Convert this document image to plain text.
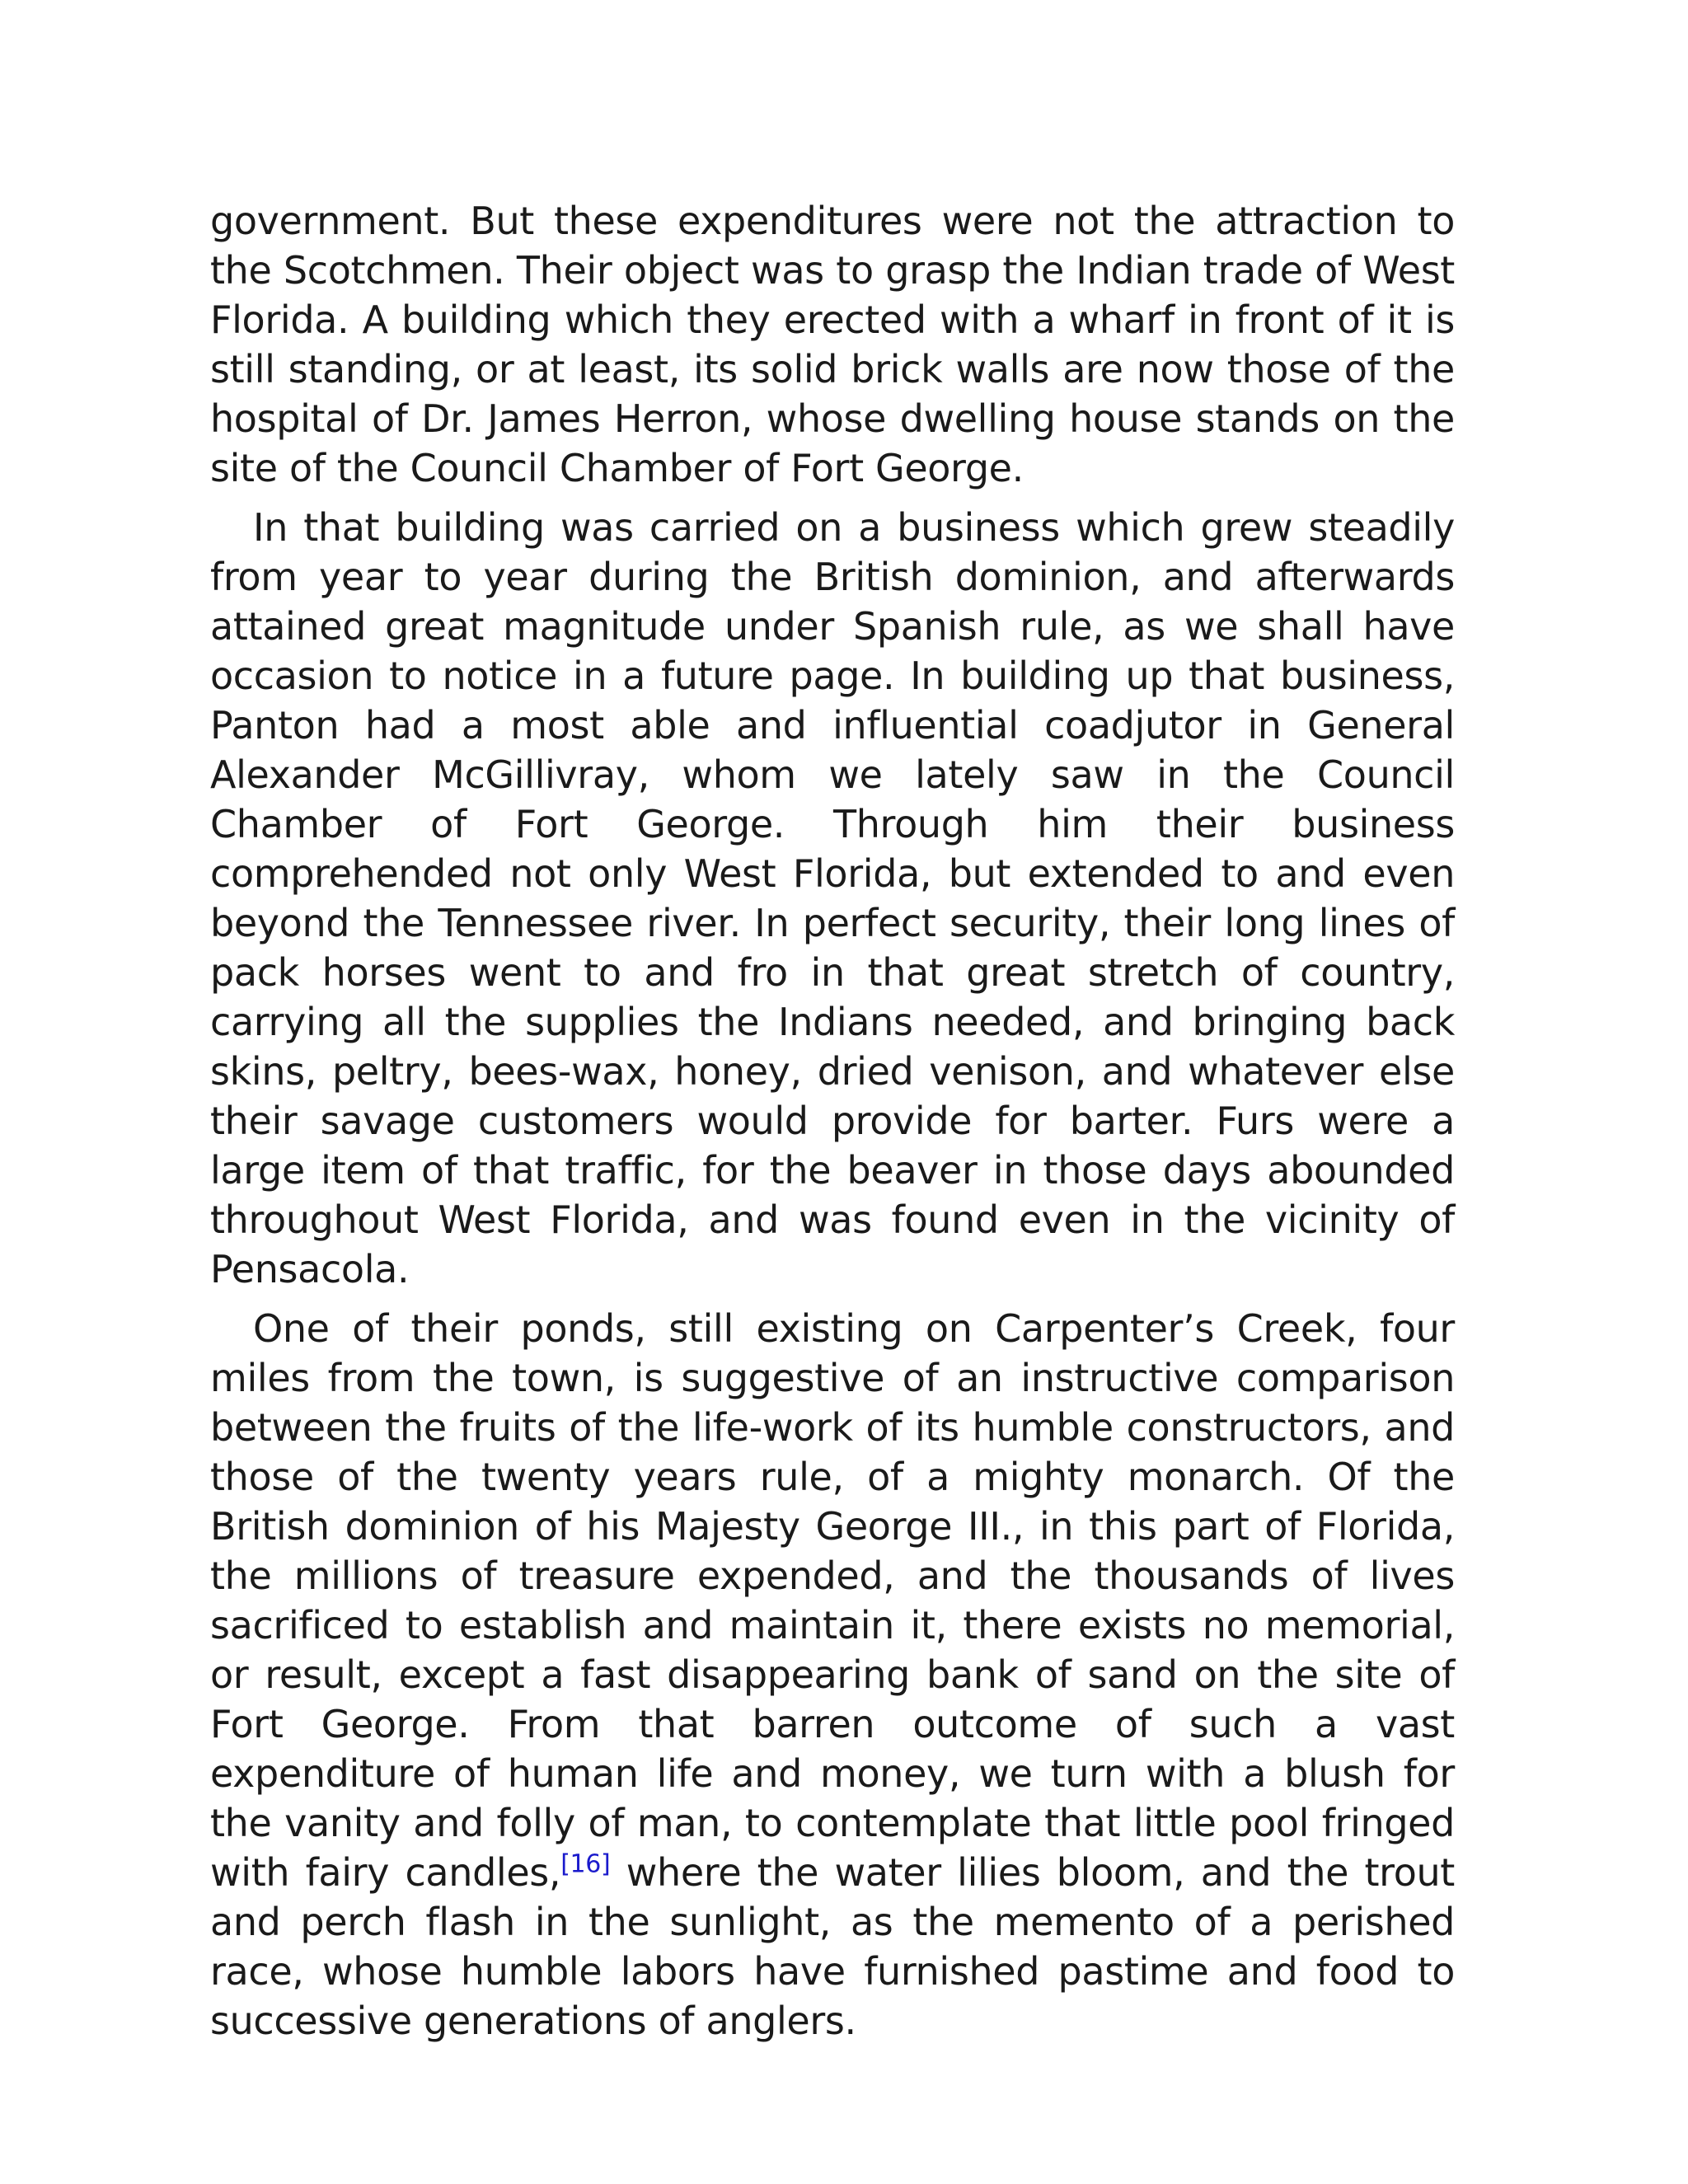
government. But these expenditures were not the attraction to the Scotchmen. Their object was to grasp the Indian trade of West Florida. A building which they erected with a wharf in front of it is still standing, or at least, its solid brick walls are now those of the hospital of Dr. James Herron, whose dwelling house stands on the site of the Council Chamber of Fort George.

In that building was carried on a business which grew steadily from year to year during the British dominion, and afterwards attained great magnitude under Spanish rule, as we shall have occasion to notice in a future page. In building up that business, Panton had a most able and influential coadjutor in General Alexander McGillivray, whom we lately saw in the Council Chamber of Fort George. Through him their business comprehended not only West Florida, but extended to and even beyond the Tennessee river. In perfect security, their long lines of pack horses went to and fro in that great stretch of country, carrying all the supplies the Indians needed, and bringing back skins, peltry, bees-wax, honey, dried venison, and whatever else their savage customers would provide for barter. Furs were a large item of that traffic, for the beaver in those days abounded throughout West Florida, and was found even in the vicinity of Pensacola.

One of their ponds, still existing on Carpenter’s Creek, four miles from the town, is suggestive of an instructive comparison between the fruits of the life-work of its humble constructors, and those of the twenty years rule, of a mighty monarch. Of the British dominion of his Majesty George III., in this part of Florida, the millions of treasure expended, and the thousands of lives sacrificed to establish and maintain it, there exists no memorial, or result, except a fast disappearing bank of sand on the site of Fort George. From that barren outcome of such a vast expenditure of human life and money, we turn with a blush for the vanity and folly of man, to contemplate that little pool fringed with fairy candles,[16] where the water lilies bloom, and the trout and perch flash in the sunlight, as the memento of a perished race, whose humble labors have furnished pastime and food to successive generations of anglers.
